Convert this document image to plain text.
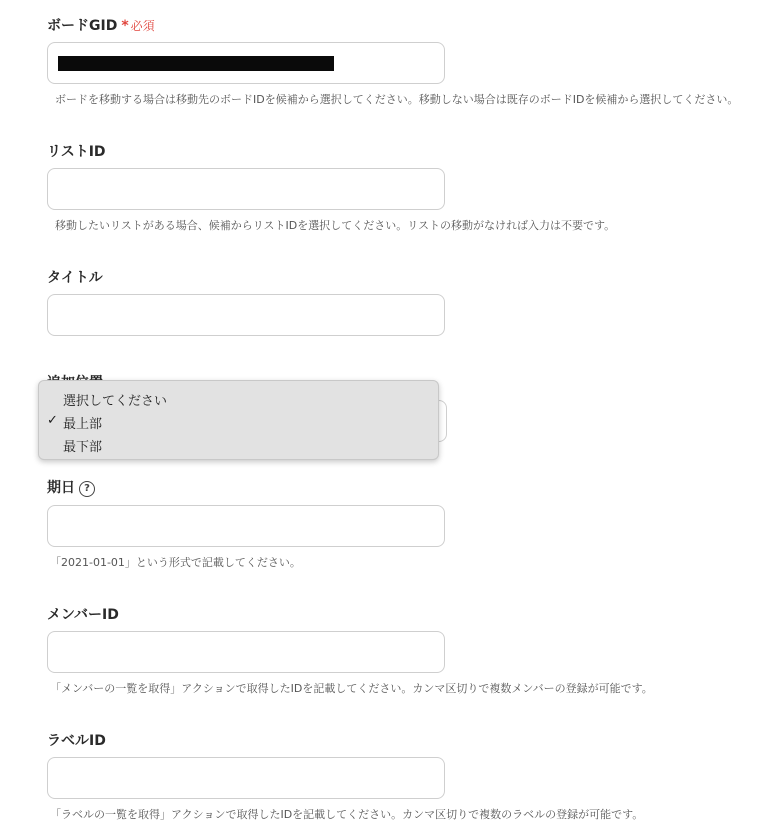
ボードGID * 必須
ボードを移動する場合は移動先のボードIDを候補から選択してください。移動しない場合は既存のボードIDを候補から選択してください。
リストID
移動したいリストがある場合、候補からリストIDを選択してください。リストの移動がなければ入力は不要です。
タイトル
選択してください
✓ 最上部
最下部
期日 ?
「2021-01-01」という形式で記載してください。
メンバーID
「メンバーの一覧を取得」アクションで取得したIDを記載してください。カンマ区切りで複数メンバーの登録が可能です。
ラベルID
「ラベルの一覧を取得」アクションで取得したIDを記載してください。カンマ区切りで複数のラベルの登録が可能です。
